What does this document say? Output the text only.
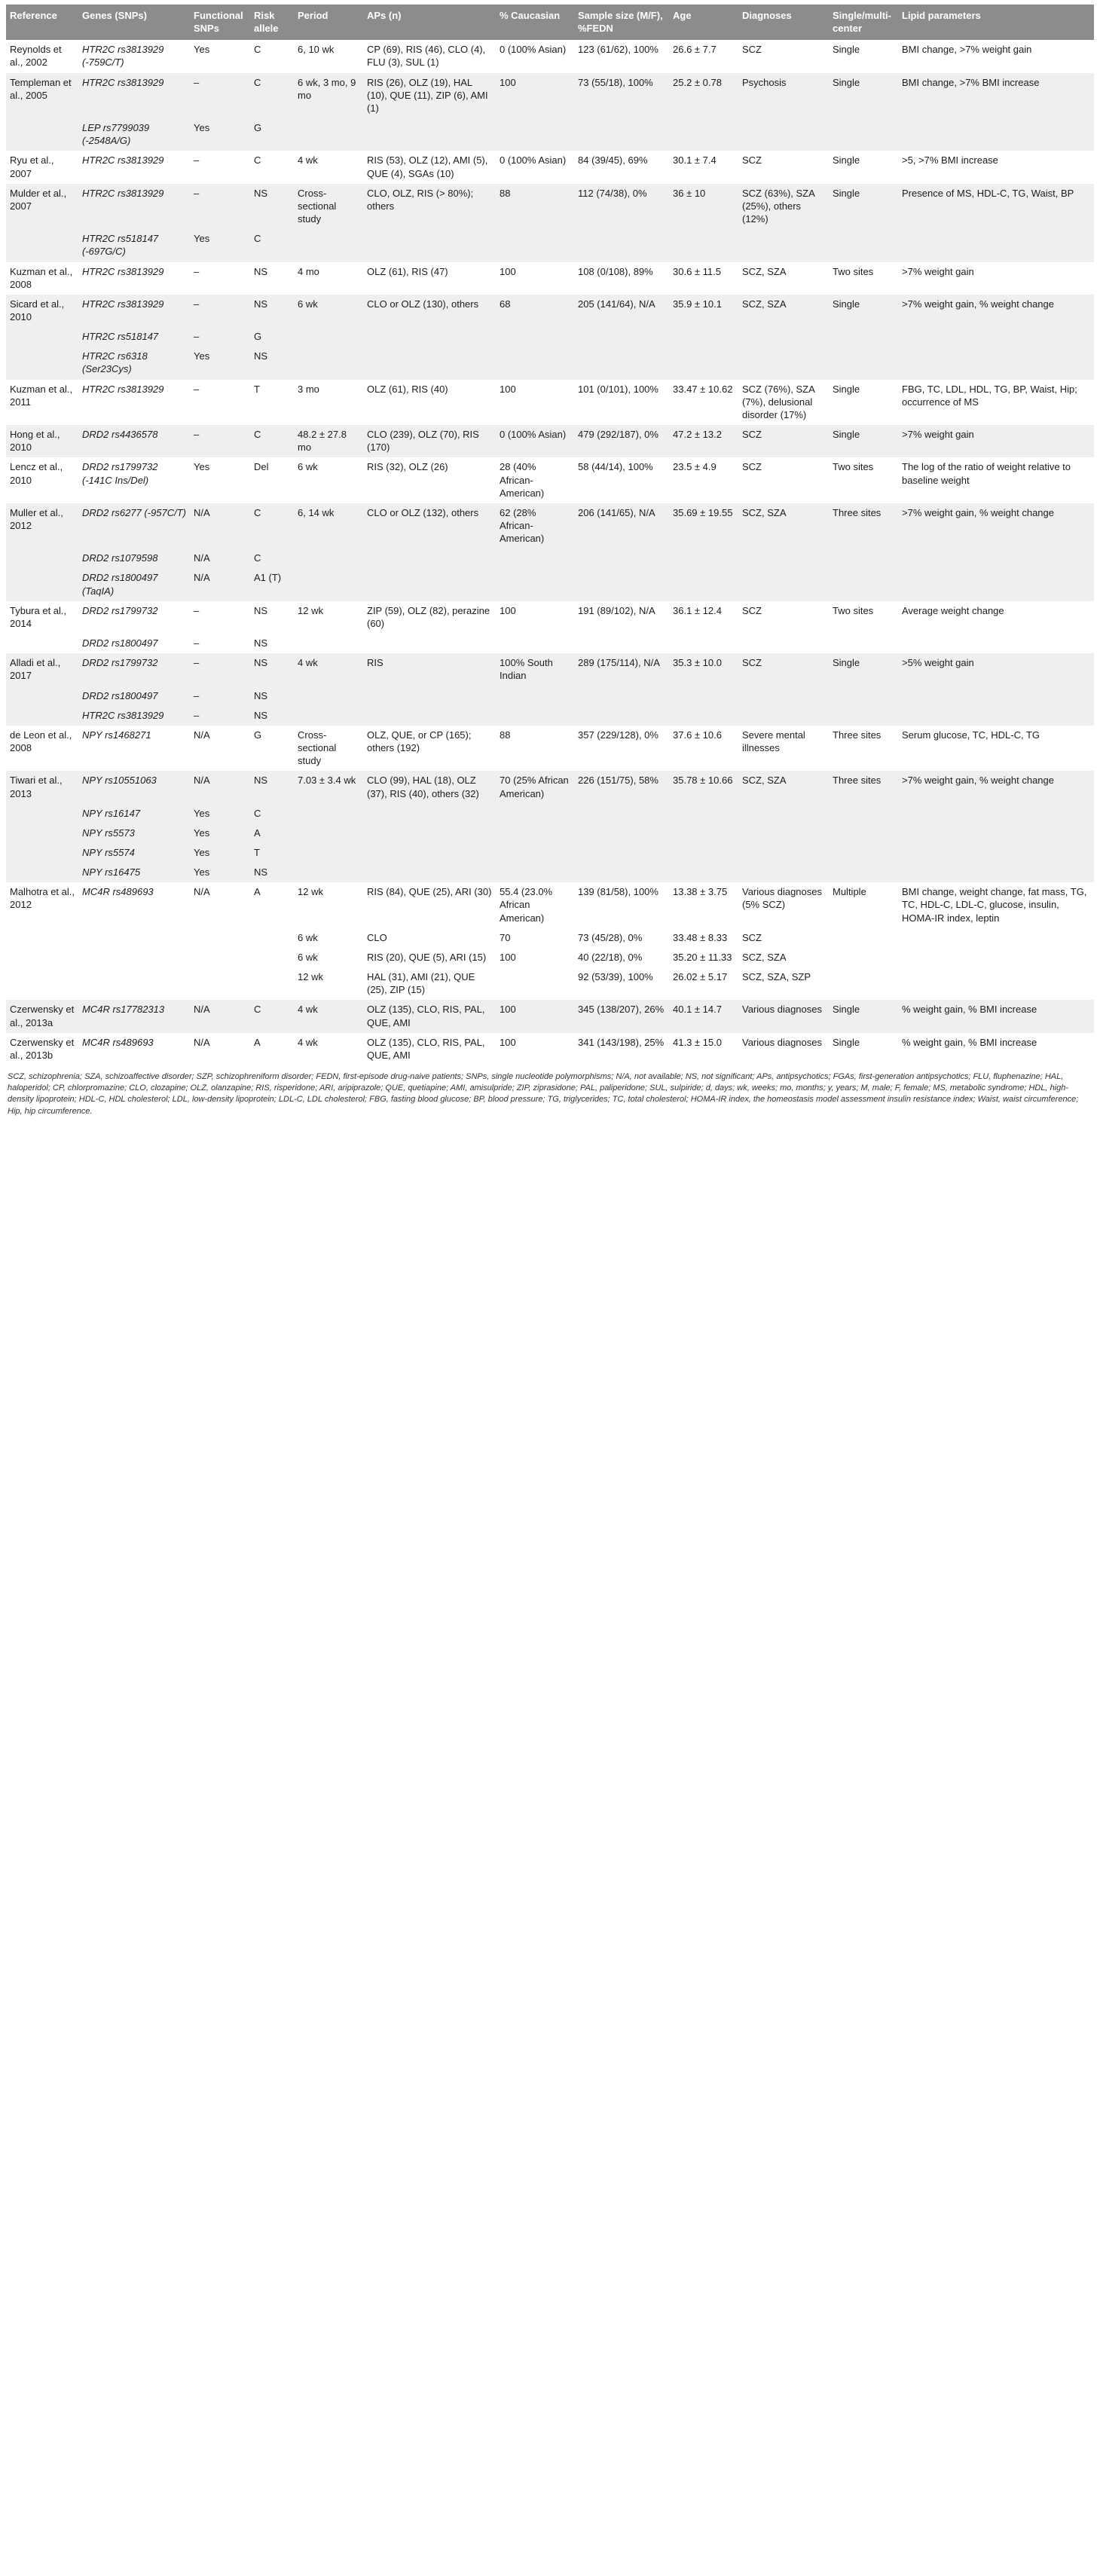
Reference	Genes (SNPs)	Functional SNPs	Risk allele	Period	APs (n)	% Caucasian	Sample size (M/F), %FEDN	Age	Diagnoses	Single/multi-center	Lipid parameters
Reynolds et al., 2002	HTR2C rs3813929 (-759C/T)	Yes	C	6, 10 wk	CP (69), RIS (46), CLO (4), FLU (3), SUL (1)	0 (100% Asian)	123 (61/62), 100%	26.6 ± 7.7	SCZ	Single	BMI change, >7% weight gain
Templeman et al., 2005	HTR2C rs3813929	–	C	6 wk, 3 mo, 9 mo	RIS (26), OLZ (19), HAL (10), QUE (11), ZIP (6), AMI (1)	100	73 (55/18), 100%	25.2 ± 0.78	Psychosis	Single	BMI change, >7% BMI increase
	LEP rs7799039 (-2548A/G)	Yes	G								
Ryu et al., 2007	HTR2C rs3813929	–	C	4 wk	RIS (53), OLZ (12), AMI (5), QUE (4), SGAs (10)	0 (100% Asian)	84 (39/45), 69%	30.1 ± 7.4	SCZ	Single	>5, >7% BMI increase
Mulder et al., 2007	HTR2C rs3813929	–	NS	Cross-sectional study	CLO, OLZ, RIS (> 80%); others	88	112 (74/38), 0%	36 ± 10	SCZ (63%), SZA (25%), others (12%)	Single	Presence of MS, HDL-C, TG, Waist, BP
	HTR2C rs518147 (-697G/C)	Yes	C								
Kuzman et al., 2008	HTR2C rs3813929	–	NS	4 mo	OLZ (61), RIS (47)	100	108 (0/108), 89%	30.6 ± 11.5	SCZ, SZA	Two sites	>7% weight gain
Sicard et al., 2010	HTR2C rs3813929	–	NS	6 wk	CLO or OLZ (130), others	68	205 (141/64), N/A	35.9 ± 10.1	SCZ, SZA	Single	>7% weight gain, % weight change
	HTR2C rs518147	–	G								
	HTR2C rs6318 (Ser23Cys)	Yes	NS								
Kuzman et al., 2011	HTR2C rs3813929	–	T	3 mo	OLZ (61), RIS (40)	100	101 (0/101), 100%	33.47 ± 10.62	SCZ (76%), SZA (7%), delusional disorder (17%)	Single	FBG, TC, LDL, HDL, TG, BP, Waist, Hip; occurrence of MS
Hong et al., 2010	DRD2 rs4436578	–	C	48.2 ± 27.8 mo	CLO (239), OLZ (70), RIS (170)	0 (100% Asian)	479 (292/187), 0%	47.2 ± 13.2	SCZ	Single	>7% weight gain
Lencz et al., 2010	DRD2 rs1799732 (-141C Ins/Del)	Yes	Del	6 wk	RIS (32), OLZ (26)	28 (40% African-American)	58 (44/14), 100%	23.5 ± 4.9	SCZ	Two sites	The log of the ratio of weight relative to baseline weight
Muller et al., 2012	DRD2 rs6277 (-957C/T)	N/A	C	6, 14 wk	CLO or OLZ (132), others	62 (28% African-American)	206 (141/65), N/A	35.69 ± 19.55	SCZ, SZA	Three sites	>7% weight gain, % weight change
	DRD2 rs1079598	N/A	C								
	DRD2 rs1800497 (TaqIA)	N/A	A1 (T)								
Tybura et al., 2014	DRD2 rs1799732	–	NS	12 wk	ZIP (59), OLZ (82), perazine (60)	100	191 (89/102), N/A	36.1 ± 12.4	SCZ	Two sites	Average weight change
	DRD2 rs1800497	–	NS								
Alladi et al., 2017	DRD2 rs1799732	–	NS	4 wk	RIS	100% South Indian	289 (175/114), N/A	35.3 ± 10.0	SCZ	Single	>5% weight gain
	DRD2 rs1800497	–	NS								
	HTR2C rs3813929	–	NS								
de Leon et al., 2008	NPY rs1468271	N/A	G	Cross-sectional study	OLZ, QUE, or CP (165); others (192)	88	357 (229/128), 0%	37.6 ± 10.6	Severe mental illnesses	Three sites	Serum glucose, TC, HDL-C, TG
Tiwari et al., 2013	NPY rs10551063	N/A	NS	7.03 ± 3.4 wk	CLO (99), HAL (18), OLZ (37), RIS (40), others (32)	70 (25% African American)	226 (151/75), 58%	35.78 ± 10.66	SCZ, SZA	Three sites	>7% weight gain, % weight change
	NPY rs16147	Yes	C								
	NPY rs5573	Yes	A								
	NPY rs5574	Yes	T								
	NPY rs16475	Yes	NS								
Malhotra et al., 2012	MC4R rs489693	N/A	A	12 wk	RIS (84), QUE (25), ARI (30)	55.4 (23.0% African American)	139 (81/58), 100%	13.38 ± 3.75	Various diagnoses (5% SCZ)	Multiple	BMI change, weight change, fat mass, TG, TC, HDL-C, LDL-C, glucose, insulin, HOMA-IR index, leptin
				6 wk	CLO	70	73 (45/28), 0%	33.48 ± 8.33	SCZ		
				6 wk	RIS (20), QUE (5), ARI (15)	100	40 (22/18), 0%	35.20 ± 11.33	SCZ, SZA		
				12 wk	HAL (31), AMI (21), QUE (25), ZIP (15)		92 (53/39), 100%	26.02 ± 5.17	SCZ, SZA, SZP		
Czerwensky et al., 2013a	MC4R rs17782313	N/A	C	4 wk	OLZ (135), CLO, RIS, PAL, QUE, AMI	100	345 (138/207), 26%	40.1 ± 14.7	Various diagnoses	Single	% weight gain, % BMI increase
Czerwensky et al., 2013b	MC4R rs489693	N/A	A	4 wk	OLZ (135), CLO, RIS, PAL, QUE, AMI	100	341 (143/198), 25%	41.3 ± 15.0	Various diagnoses	Single	% weight gain, % BMI increase
SCZ, schizophrenia; SZA, schizoaffective disorder; SZP, schizophreniform disorder; FEDN, first-episode drug-naive patients; SNPs, single nucleotide polymorphisms; N/A, not available; NS, not significant; APs, antipsychotics; FGAs, first-generation antipsychotics; FLU, fluphenazine; HAL, haloperidol; CP, chlorpromazine; CLO, clozapine; OLZ, olanzapine; RIS, risperidone; ARI, aripiprazole; QUE, quetiapine; AMI, amisulpride; ZIP, ziprasidone; PAL, paliperidone; SUL, sulpiride; d, days; wk, weeks; mo, months; y, years; M, male; F, female; MS, metabolic syndrome; HDL, high-density lipoprotein; HDL-C, HDL cholesterol; LDL, low-density lipoprotein; LDL-C, LDL cholesterol; FBG, fasting blood glucose; BP, blood pressure; TG, triglycerides; TC, total cholesterol; HOMA-IR index, the homeostasis model assessment insulin resistance index; Waist, waist circumference; Hip, hip circumference.
